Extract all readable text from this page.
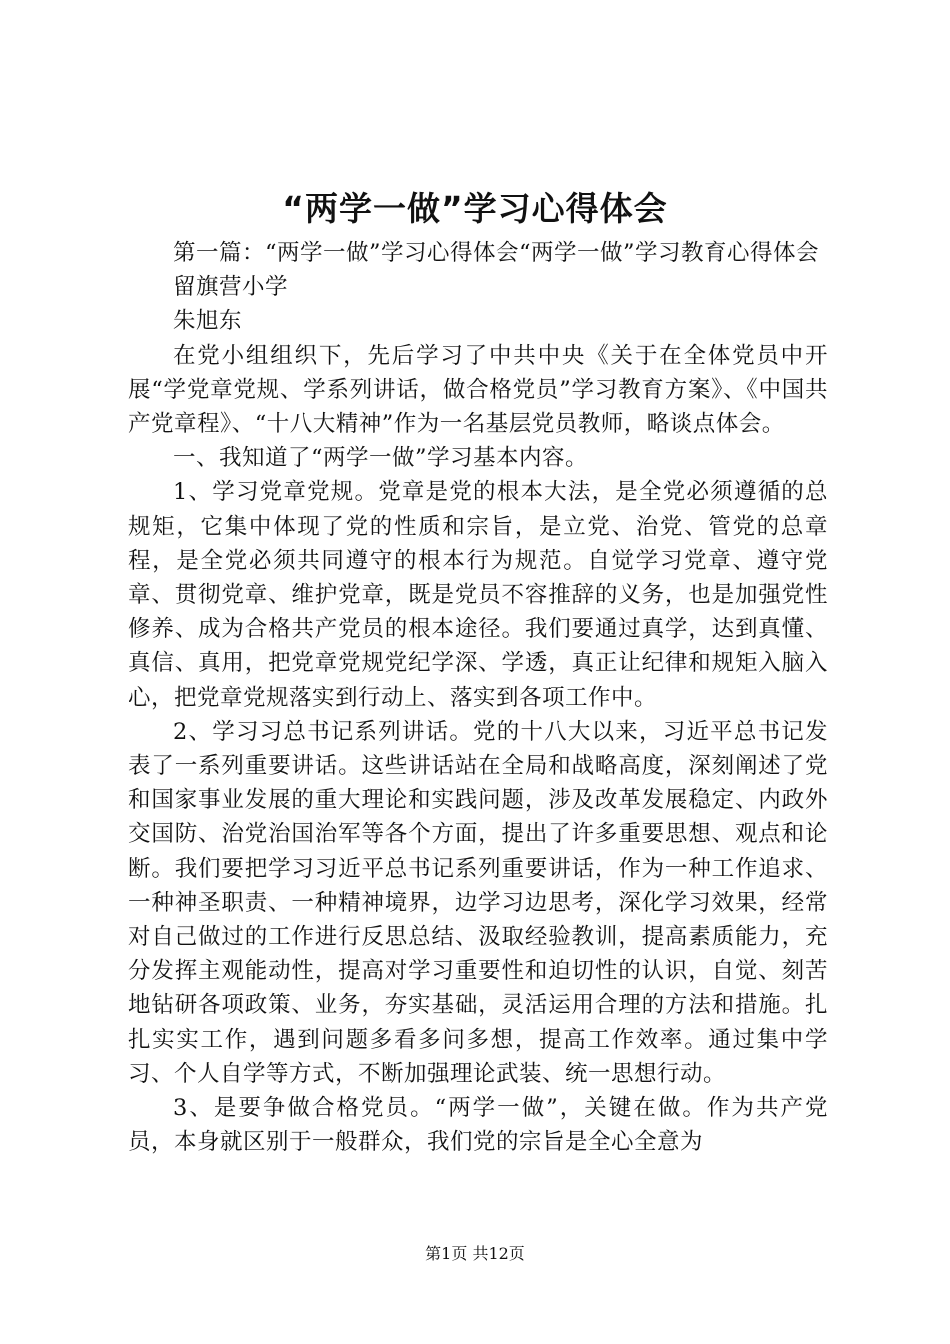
“两学一做”学习心得体会

第一篇：“两学一做”学习心得体会“两学一做”学习教育心得体会

留旗营小学

朱旭东

在党小组组织下，先后学习了中共中央《关于在全体党员中开展“学党章党规、学系列讲话，做合格党员”学习教育方案》、《中国共产党章程》、“十八大精神”作为一名基层党员教师，略谈点体会。

一、我知道了“两学一做”学习基本内容。

1、学习党章党规。党章是党的根本大法，是全党必须遵循的总规矩，它集中体现了党的性质和宗旨，是立党、治党、管党的总章程，是全党必须共同遵守的根本行为规范。自觉学习党章、遵守党章、贯彻党章、维护党章，既是党员不容推辞的义务，也是加强党性修养、成为合格共产党员的根本途径。我们要通过真学，达到真懂、真信、真用，把党章党规党纪学深、学透，真正让纪律和规矩入脑入心，把党章党规落实到行动上、落实到各项工作中。

2、学习习总书记系列讲话。党的十八大以来，习近平总书记发表了一系列重要讲话。这些讲话站在全局和战略高度，深刻阐述了党和国家事业发展的重大理论和实践问题，涉及改革发展稳定、内政外交国防、治党治国治军等各个方面，提出了许多重要思想、观点和论断。我们要把学习习近平总书记系列重要讲话，作为一种工作追求、一种神圣职责、一种精神境界，边学习边思考，深化学习效果，经常对自己做过的工作进行反思总结、汲取经验教训，提高素质能力，充分发挥主观能动性，提高对学习重要性和迫切性的认识，自觉、刻苦地钻研各项政策、业务，夯实基础，灵活运用合理的方法和措施。扎扎实实工作，遇到问题多看多问多想，提高工作效率。通过集中学习、个人自学等方式，不断加强理论武装、统一思想行动。

3、是要争做合格党员。“两学一做”，关键在做。作为共产党员，本身就区别于一般群众，我们党的宗旨是全心全意为

第1页 共12页
